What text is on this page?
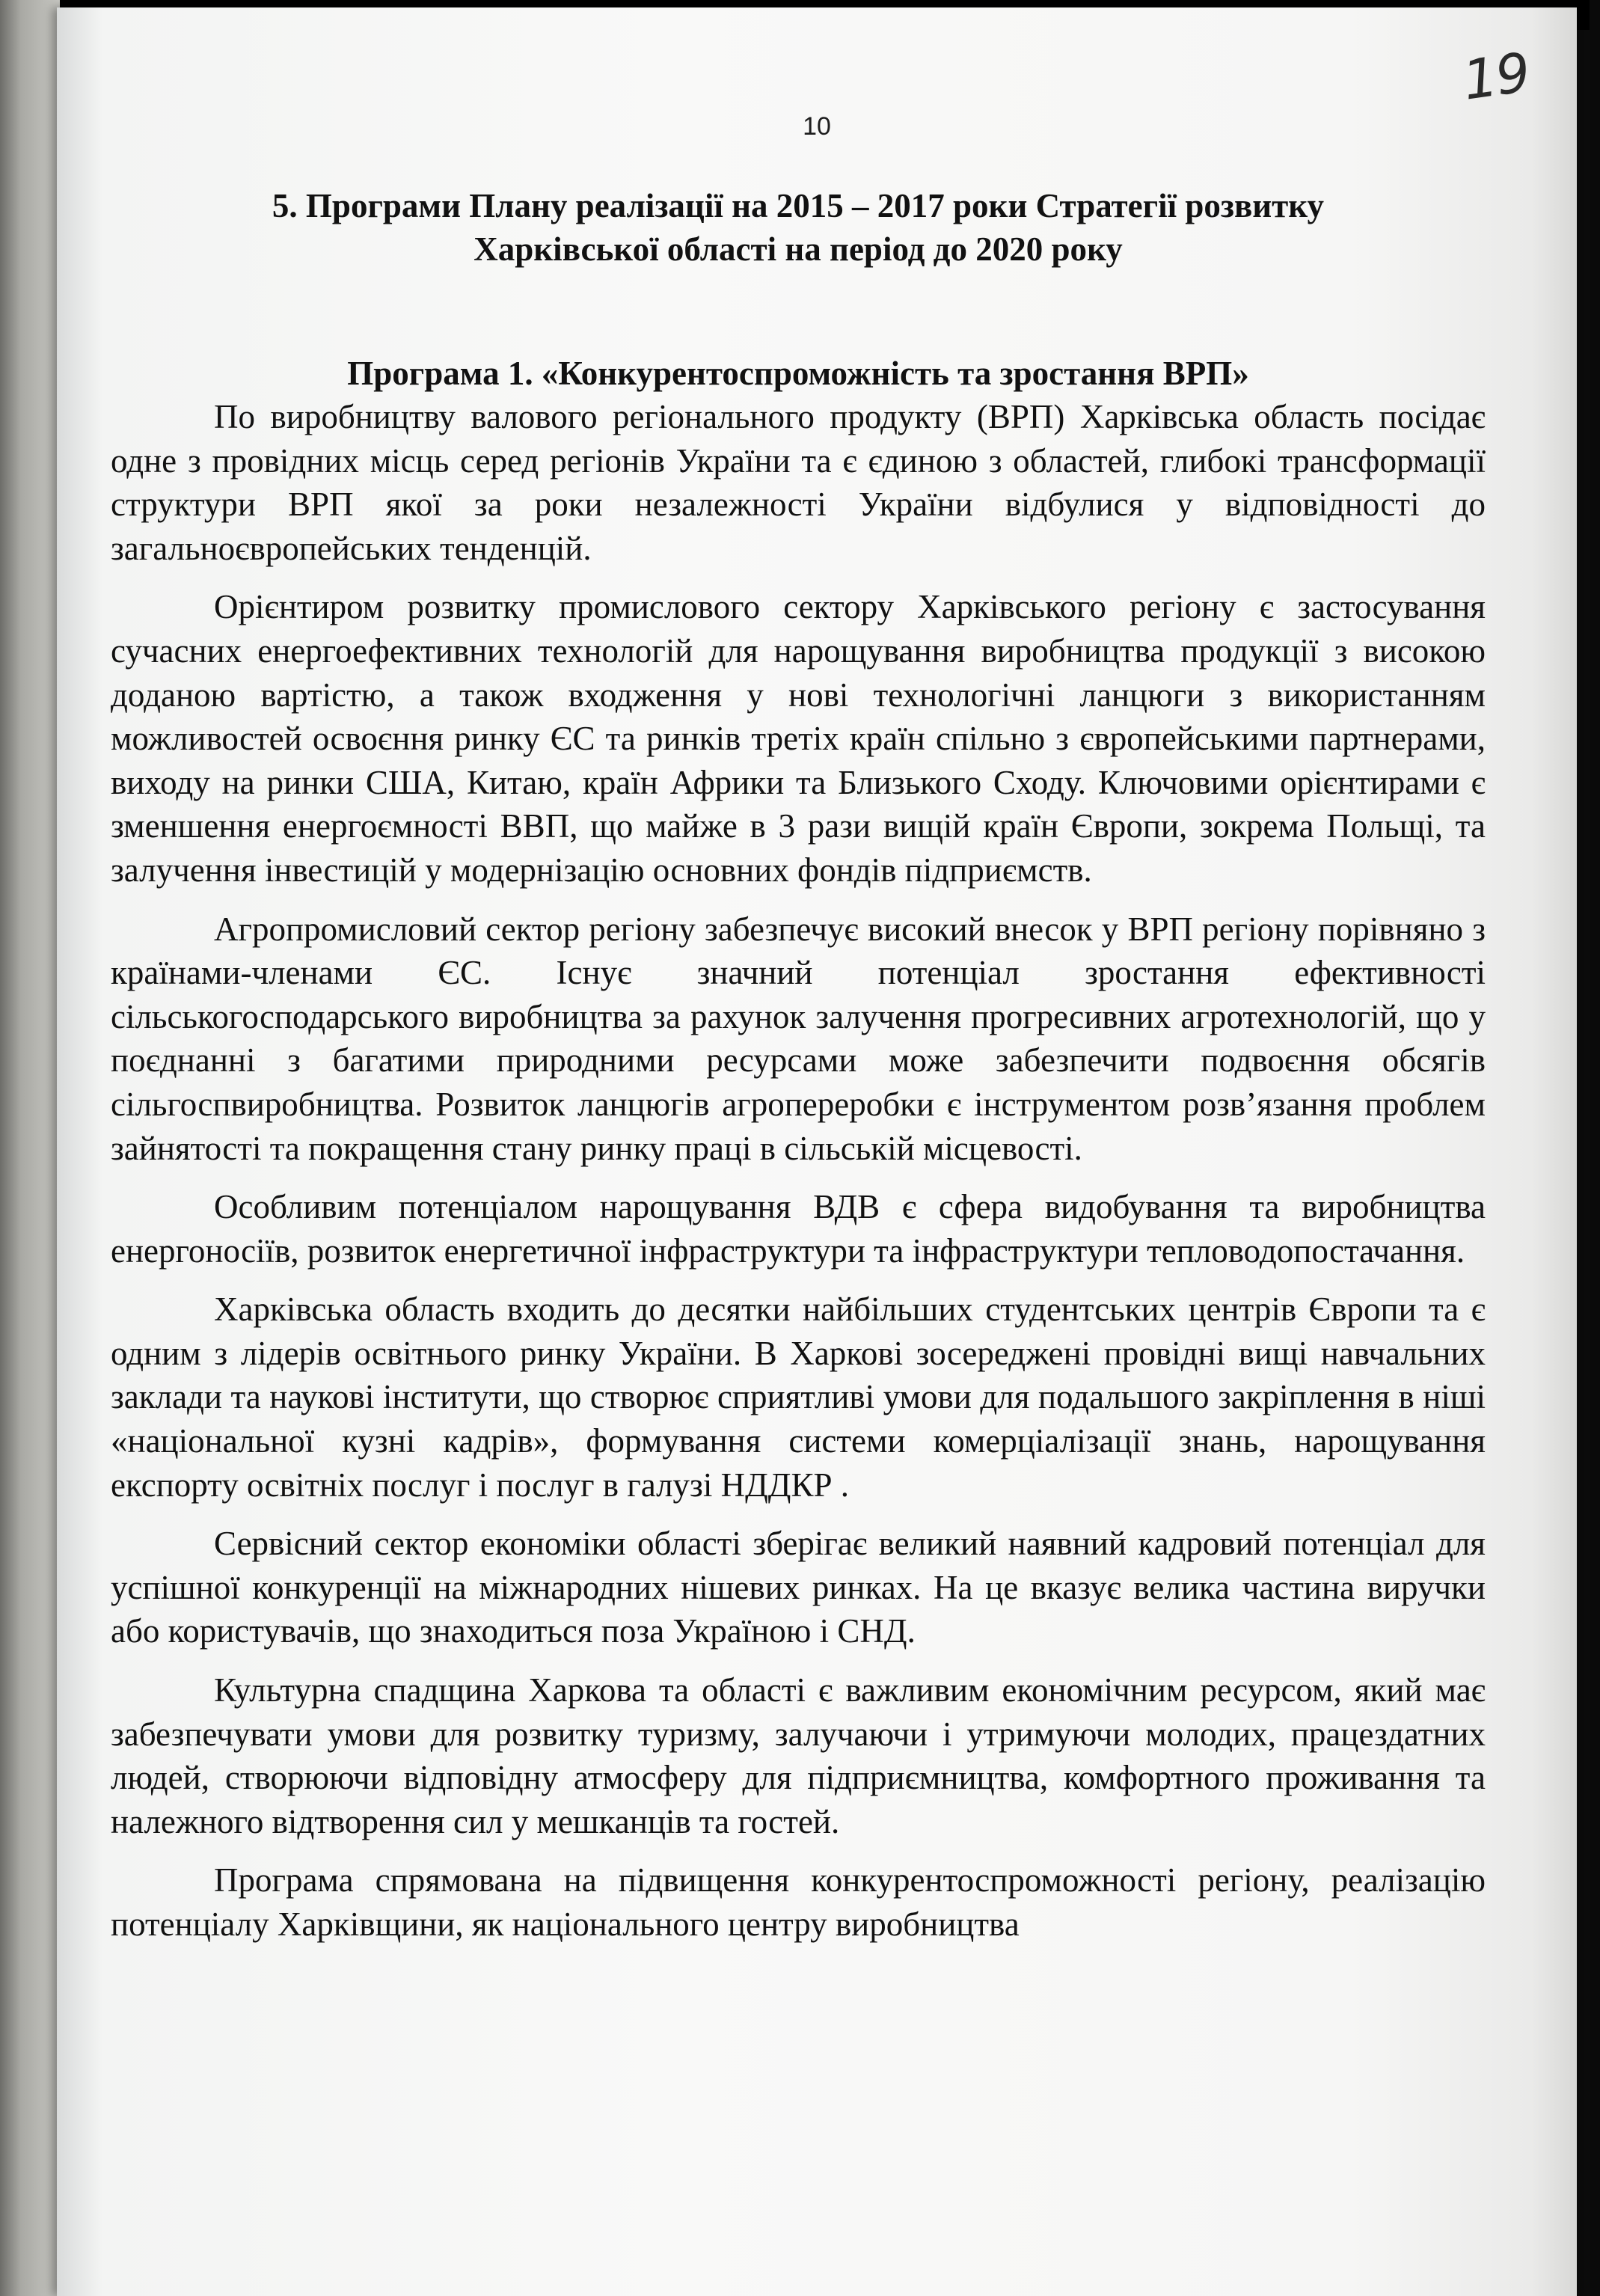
19
10

5. Програми Плану реалізації на 2015 – 2017 роки Стратегії розвитку
Харківської області на період до 2020 року

Програма 1. «Конкурентоспроможність та зростання ВРП»

По виробництву валового регіонального продукту (ВРП) Харківська область посідає одне з провідних місць серед регіонів України та є єдиною з областей, глибокі трансформації структури ВРП якої за роки незалежності України відбулися у відповідності до загальноєвропейських тенденцій.

Орієнтиром розвитку промислового сектору Харківського регіону є застосування сучасних енергоефективних технологій для нарощування виробництва продукції з високою доданою вартістю, а також входження у нові технологічні ланцюги з використанням можливостей освоєння ринку ЄС та ринків третіх країн спільно з європейськими партнерами, виходу на ринки США, Китаю, країн Африки та Близького Сходу. Ключовими орієнтирами є зменшення енергоємності ВВП, що майже в 3 рази вищій країн Європи, зокрема Польщі, та залучення інвестицій у модернізацію основних фондів підприємств.

Агропромисловий сектор регіону забезпечує високий внесок у ВРП регіону порівняно з країнами-членами ЄС. Існує значний потенціал зростання ефективності сільськогосподарського виробництва за рахунок залучення прогресивних агротехнологій, що у поєднанні з багатими природними ресурсами може забезпечити подвоєння обсягів сільгоспвиробництва. Розвиток ланцюгів агропереробки є інструментом розв’язання проблем зайнятості та покращення стану ринку праці в сільській місцевості.

Особливим потенціалом нарощування ВДВ є сфера видобування та виробництва енергоносіїв, розвиток енергетичної інфраструктури та інфраструктури тепловодопостачання.

Харківська область входить до десятки найбільших студентських центрів Європи та є одним з лідерів освітнього ринку України. В Харкові зосереджені провідні вищі навчальних заклади та наукові інститути, що створює сприятливі умови для подальшого закріплення в ніші «національної кузні кадрів», формування системи комерціалізації знань, нарощування експорту освітніх послуг і послуг в галузі НДДКР .

Сервісний сектор економіки області зберігає великий наявний кадровий потенціал для успішної конкуренції на міжнародних нішевих ринках. На це вказує велика частина виручки або користувачів, що знаходиться поза Україною і СНД.

Культурна спадщина Харкова та області є важливим економічним ресурсом, який має забезпечувати умови для розвитку туризму, залучаючи і утримуючи молодих, працездатних людей, створюючи відповідну атмосферу для підприємництва, комфортного проживання та належного відтворення сил у мешканців та гостей.

Програма спрямована на підвищення конкурентоспроможності регіону, реалізацію потенціалу Харківщини, як національного центру виробництва
